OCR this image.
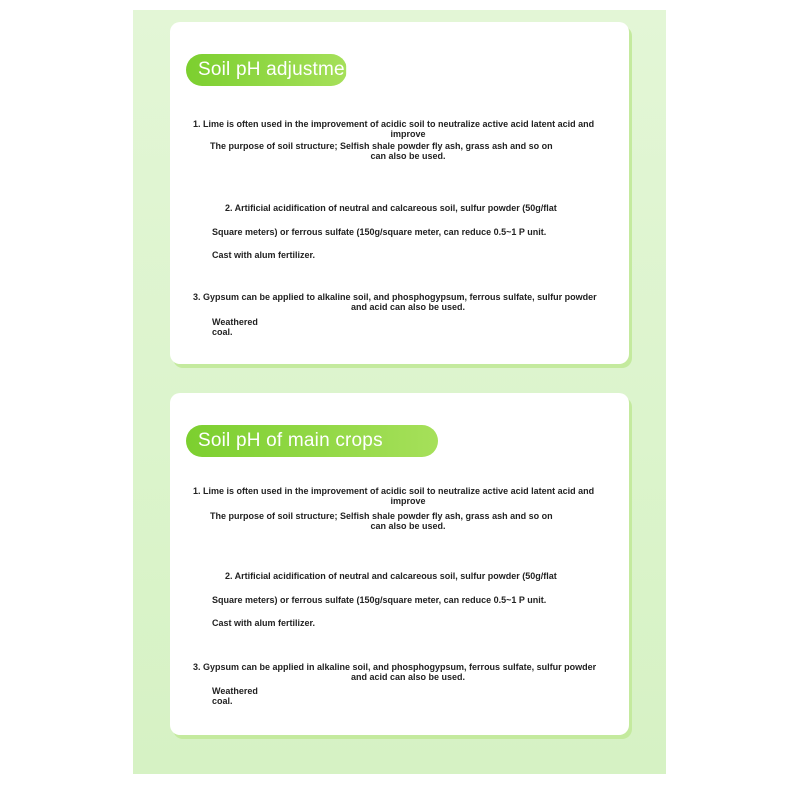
Soil pH adjustment

1. Lime is often used in the improvement of acidic soil to neutralize active acid latent acid and

improve

The purpose of soil structure; Selfish shale powder fly ash, grass ash and so on

can also be used.

2. Artificial acidification of neutral and calcareous soil, sulfur powder (50g/flat

Square meters) or ferrous sulfate (150g/square meter, can reduce 0.5~1 P unit.

Cast with alum fertilizer.

3. Gypsum can be applied to alkaline soil, and phosphogypsum, ferrous sulfate, sulfur powder

and acid can also be used.

Weathered

coal.

Soil pH of main crops

1. Lime is often used in the improvement of acidic soil to neutralize active acid latent acid and

improve

The purpose of soil structure; Selfish shale powder fly ash, grass ash and so on

can also be used.

2. Artificial acidification of neutral and calcareous soil, sulfur powder (50g/flat

Square meters) or ferrous sulfate (150g/square meter, can reduce 0.5~1 P unit.

Cast with alum fertilizer.

3. Gypsum can be applied in alkaline soil, and phosphogypsum, ferrous sulfate, sulfur powder

and acid can also be used.

Weathered

coal.
